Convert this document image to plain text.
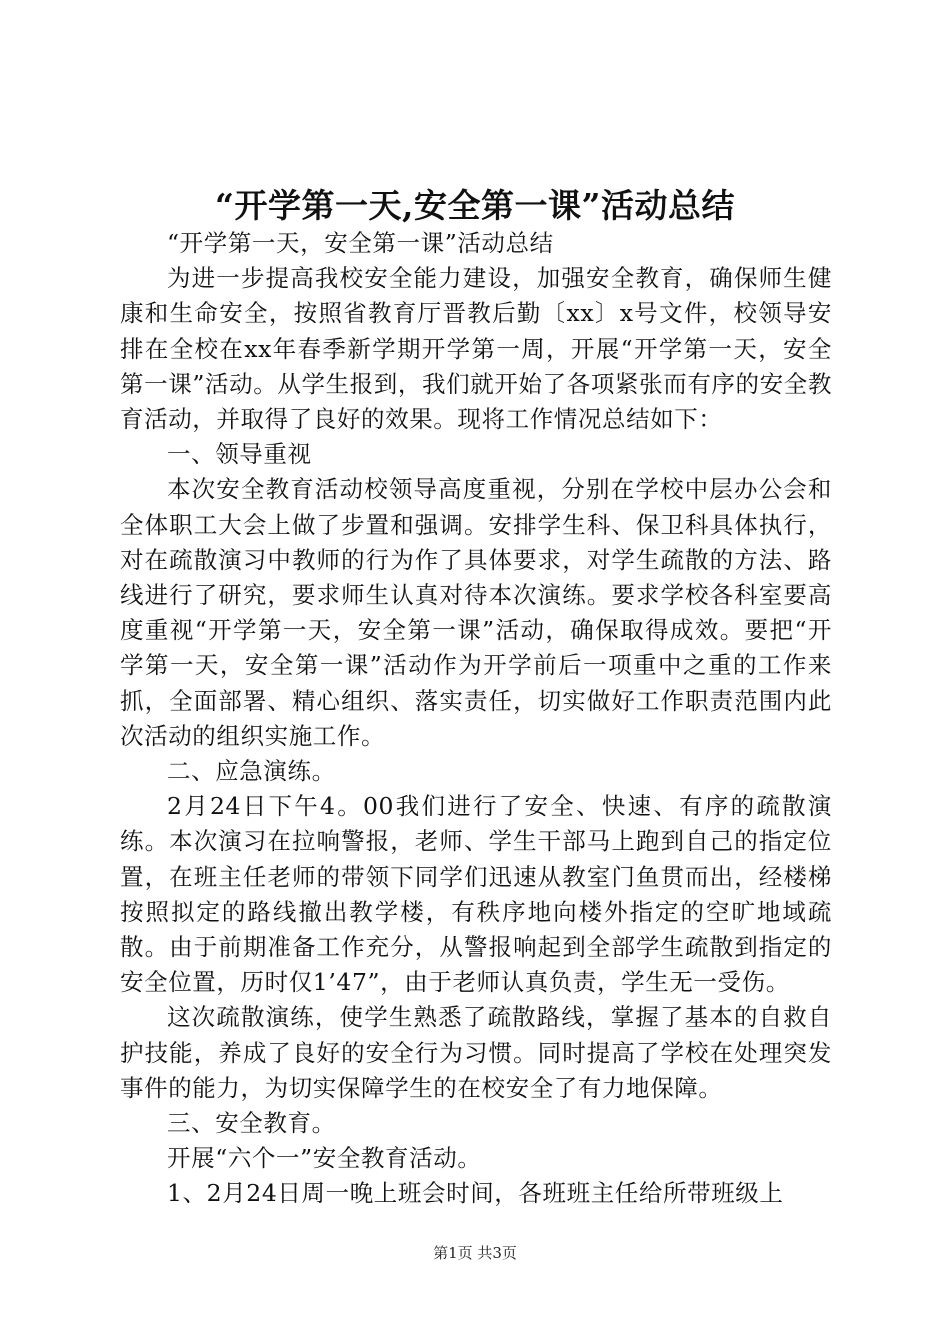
“开学第一天,安全第一课”活动总结

“开学第一天，安全第一课”活动总结

为进一步提高我校安全能力建设，加强安全教育，确保师生健康和生命安全，按照省教育厅晋教后勤〔xx〕x号文件，校领导安排在全校在xx年春季新学期开学第一周，开展“开学第一天，安全第一课”活动。从学生报到，我们就开始了各项紧张而有序的安全教育活动，并取得了良好的效果。现将工作情况总结如下：

一、领导重视

本次安全教育活动校领导高度重视，分别在学校中层办公会和全体职工大会上做了步置和强调。安排学生科、保卫科具体执行，对在疏散演习中教师的行为作了具体要求，对学生疏散的方法、路线进行了研究，要求师生认真对待本次演练。要求学校各科室要高度重视“开学第一天，安全第一课”活动，确保取得成效。要把“开学第一天，安全第一课”活动作为开学前后一项重中之重的工作来抓，全面部署、精心组织、落实责任，切实做好工作职责范围内此次活动的组织实施工作。

二、应急演练。

2月24日下午4。00我们进行了安全、快速、有序的疏散演练。本次演习在拉响警报，老师、学生干部马上跑到自己的指定位置，在班主任老师的带领下同学们迅速从教室门鱼贯而出，经楼梯按照拟定的路线撤出教学楼，有秩序地向楼外指定的空旷地域疏散。由于前期准备工作充分，从警报响起到全部学生疏散到指定的安全位置，历时仅1’47”，由于老师认真负责，学生无一受伤。

这次疏散演练，使学生熟悉了疏散路线，掌握了基本的自救自护技能，养成了良好的安全行为习惯。同时提高了学校在处理突发事件的能力，为切实保障学生的在校安全了有力地保障。

三、安全教育。

开展“六个一”安全教育活动。

1、2月24日周一晚上班会时间，各班班主任给所带班级上

第1页 共3页
